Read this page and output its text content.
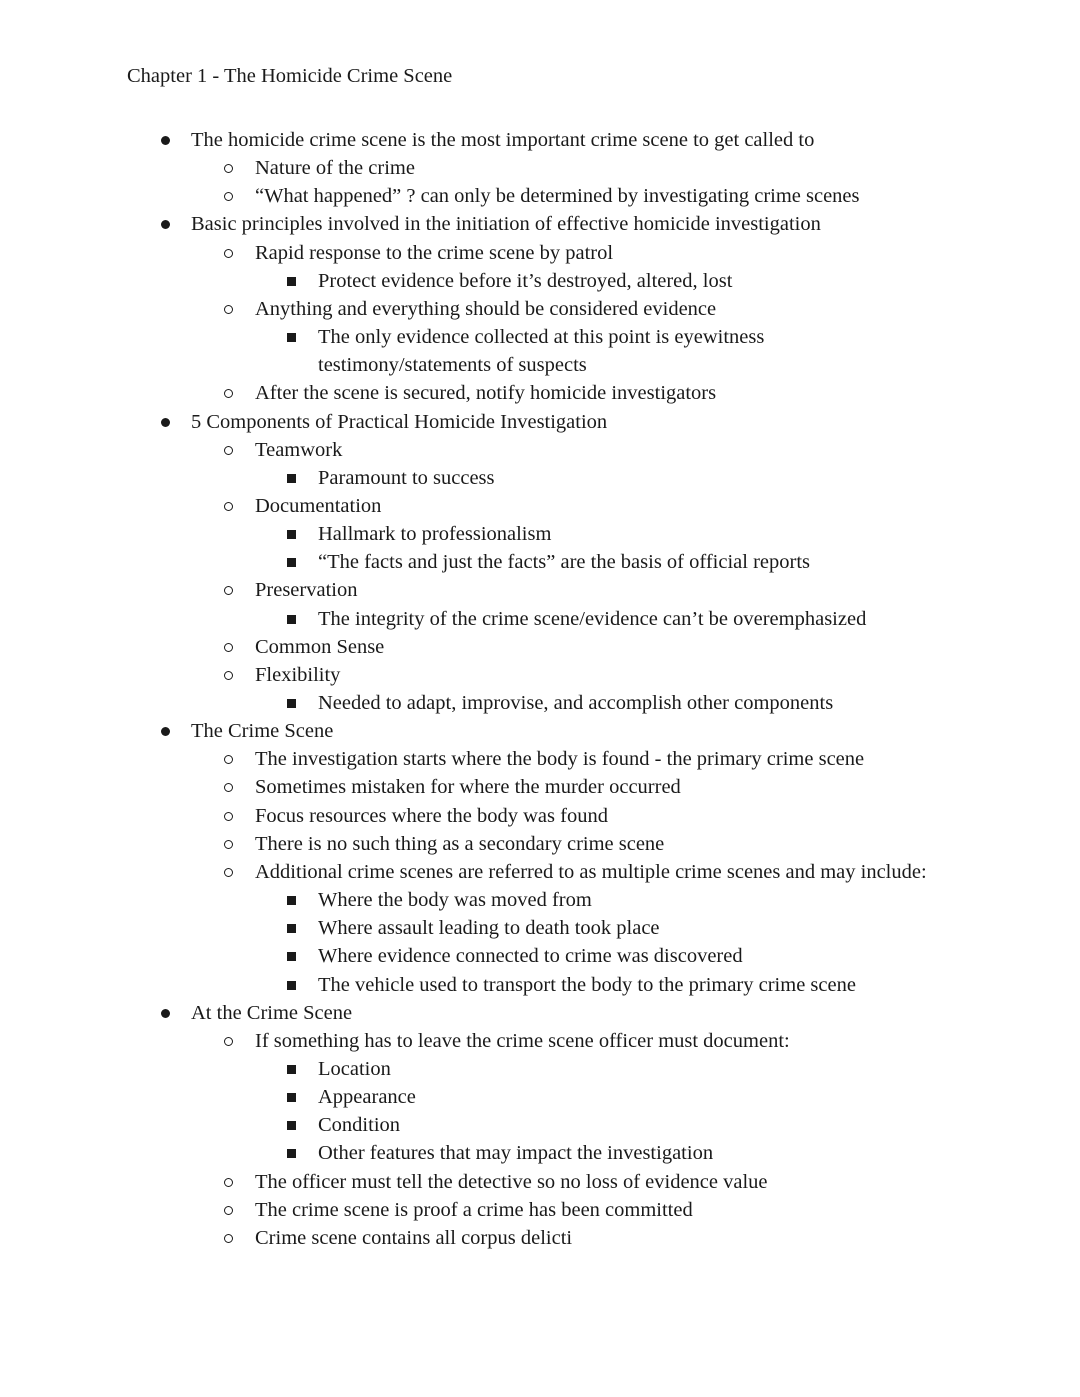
Chapter 1 - The Homicide Crime Scene
The homicide crime scene is the most important crime scene to get called to
Nature of the crime
“What happened” ? can only be determined by investigating crime scenes
Basic principles involved in the initiation of effective homicide investigation
Rapid response to the crime scene by patrol
Protect evidence before it’s destroyed, altered, lost
Anything and everything should be considered evidence
The only evidence collected at this point is eyewitness
testimony/statements of suspects
After the scene is secured, notify homicide investigators
5 Components of Practical Homicide Investigation
Teamwork
Paramount to success
Documentation
Hallmark to professionalism
“The facts and just the facts” are the basis of official reports
Preservation
The integrity of the crime scene/evidence can’t be overemphasized
Common Sense
Flexibility
Needed to adapt, improvise, and accomplish other components
The Crime Scene
The investigation starts where the body is found - the primary crime scene
Sometimes mistaken for where the murder occurred
Focus resources where the body was found
There is no such thing as a secondary crime scene
Additional crime scenes are referred to as multiple crime scenes and may include:
Where the body was moved from
Where assault leading to death took place
Where evidence connected to crime was discovered
The vehicle used to transport the body to the primary crime scene
At the Crime Scene
If something has to leave the crime scene officer must document:
Location
Appearance
Condition
Other features that may impact the investigation
The officer must tell the detective so no loss of evidence value
The crime scene is proof a crime has been committed
Crime scene contains all corpus delicti
